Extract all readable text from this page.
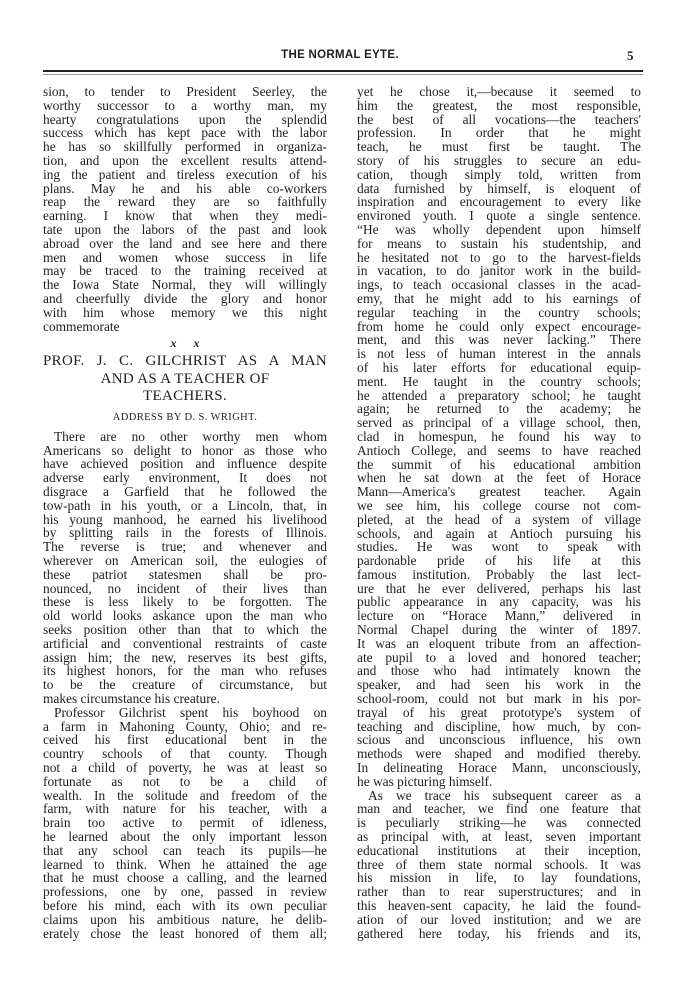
THE NORMAL EYTE.	5
sion, to tender to President Seerley, the
worthy successor to a worthy man, my
hearty congratulations upon the splendid
success which has kept pace with the labor
he has so skillfully performed in organiza-
tion, and upon the excellent results attend-
ing the patient and tireless execution of his
plans. May he and his able co-workers
reap the reward they are so faithfully
earning. I know that when they medi-
tate upon the labors of the past and look
abroad over the land and see here and there
men and women whose success in life
may be traced to the training received at
the Iowa State Normal, they will willingly
and cheerfully divide the glory and honor
with him whose memory we this night
commemorate
x x
PROF. J. C. GILCHRIST AS A MAN
AND AS A TEACHER OF
TEACHERS.
ADDRESS BY D. S. WRIGHT.
There are no other worthy men whom
Americans so delight to honor as those who
have achieved position and influence despite
adverse early environment, It does not
disgrace a Garfield that he followed the
tow-path in his youth, or a Lincoln, that, in
his young manhood, he earned his livelihood
by splitting rails in the forests of Illinois.
The reverse is true; and whenever and
wherever on American soil, the eulogies of
these patriot statesmen shall be pro-
nounced, no incident of their lives than
these is less likely to be forgotten. The
old world looks askance upon the man who
seeks position other than that to which the
artificial and conventional restraints of caste
assign him; the new, reserves its best gifts,
its highest honors, for the man who refuses
to be the creature of circumstance, but
makes circumstance his creature.
Professor Gilchrist spent his boyhood on
a farm in Mahoning County, Ohio; and re-
ceived his first educational bent in the
country schools of that county. Though
not a child of poverty, he was at least so
fortunate as not to be a child of
wealth. In the solitude and freedom of the
farm, with nature for his teacher, with a
brain too active to permit of idleness,
he learned about the only important lesson
that any school can teach its pupils—he
learned to think. When he attained the age
that he must choose a calling, and the learned
professions, one by one, passed in review
before his mind, each with its own peculiar
claims upon his ambitious nature, he delib-
erately chose the least honored of them all;
yet he chose it,—because it seemed to
him the greatest, the most responsible,
the best of all vocations—the teachers'
profession. In order that he might
teach, he must first be taught. The
story of his struggles to secure an edu-
cation, though simply told, written from
data furnished by himself, is eloquent of
inspiration and encouragement to every like
environed youth. I quote a single sentence.
“He was wholly dependent upon himself
for means to sustain his studentship, and
he hesitated not to go to the harvest-fields
in vacation, to do janitor work in the build-
ings, to teach occasional classes in the acad-
emy, that he might add to his earnings of
regular teaching in the country schools;
from home he could only expect encourage-
ment, and this was never lacking.” There
is not less of human interest in the annals
of his later efforts for educational equip-
ment. He taught in the country schools;
he attended a preparatory school; he taught
again; he returned to the academy; he
served as principal of a village school, then,
clad in homespun, he found his way to
Antioch College, and seems to have reached
the summit of his educational ambition
when he sat down at the feet of Horace
Mann—America's greatest teacher. Again
we see him, his college course not com-
pleted, at the head of a system of village
schools, and again at Antioch pursuing his
studies. He was wont to speak with
pardonable pride of his life at this
famous institution. Probably the last lect-
ure that he ever delivered, perhaps his last
public appearance in any capacity, was his
lecture on “Horace Mann,” delivered in
Normal Chapel during the winter of 1897.
It was an eloquent tribute from an affection-
ate pupil to a loved and honored teacher;
and those who had intimately known the
speaker, and had seen his work in the
school-room, could not but mark in his por-
trayal of his great prototype's system of
teaching and discipline, how much, by con-
scious and unconscious influence, his own
methods were shaped and modified thereby.
In delineating Horace Mann, unconsciously,
he was picturing himself.
As we trace his subsequent career as a
man and teacher, we find one feature that
is peculiarly striking—he was connected
as principal with, at least, seven important
educational institutions at their inception,
three of them state normal schools. It was
his mission in life, to lay foundations,
rather than to rear superstructures; and in
this heaven-sent capacity, he laid the found-
ation of our loved institution; and we are
gathered here today, his friends and its,
